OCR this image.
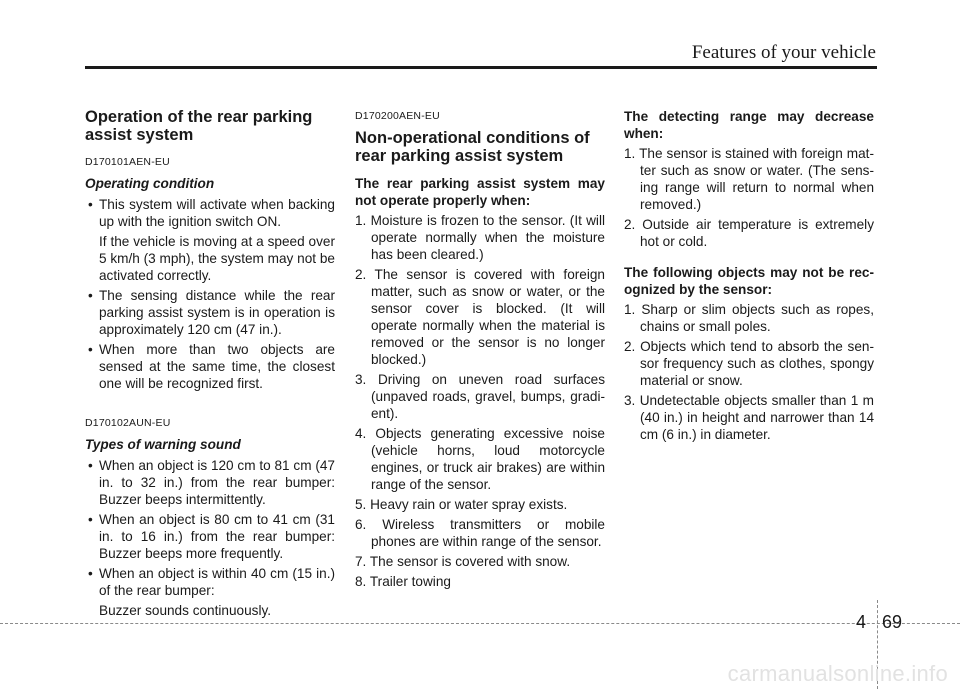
Features of your vehicle
Operation of the rear parking
assist system
D170101AEN-EU
Operating condition
• This system will activate when backing up with the ignition switch ON.
If the vehicle is moving at a speed over 5 km/h (3 mph), the system may not be activated correctly.
• The sensing distance while the rear parking assist system is in operation is approximately 120 cm (47 in.).
• When more than two objects are sensed at the same time, the closest one will be recognized first.
D170102AUN-EU
Types of warning sound
• When an object is 120 cm to 81 cm (47 in. to 32 in.) from the rear bumper: Buzzer beeps intermittently.
• When an object is 80 cm to 41 cm (31 in. to 16 in.) from the rear bumper: Buzzer beeps more frequently.
• When an object is within 40 cm (15 in.) of the rear bumper:
Buzzer sounds continuously.
D170200AEN-EU
Non-operational conditions of
rear parking assist system
The rear parking assist system may not operate properly when:
1. Moisture is frozen to the sensor. (It will operate normally when the moisture has been cleared.)
2. The sensor is covered with foreign matter, such as snow or water, or the sensor cover is blocked. (It will operate normally when the material is removed or the sensor is no longer blocked.)
3. Driving on uneven road surfaces (unpaved roads, gravel, bumps, gradi-ent).
4. Objects generating excessive noise (vehicle horns, loud motorcycle engines, or truck air brakes) are within range of the sensor.
5. Heavy rain or water spray exists.
6. Wireless transmitters or mobile phones are within range of the sensor.
7. The sensor is covered with snow.
8. Trailer towing
The detecting range may decrease when:
1. The sensor is stained with foreign mat-ter such as snow or water. (The sens-ing range will return to normal when removed.)
2. Outside air temperature is extremely hot or cold.
The following objects may not be rec-ognized by the sensor:
1. Sharp or slim objects such as ropes, chains or small poles.
2. Objects which tend to absorb the sen-sor frequency such as clothes, spongy material or snow.
3. Undetectable objects smaller than 1 m (40 in.) in height and narrower than 14 cm (6 in.) in diameter.
4 69
carmanualsonline.info
